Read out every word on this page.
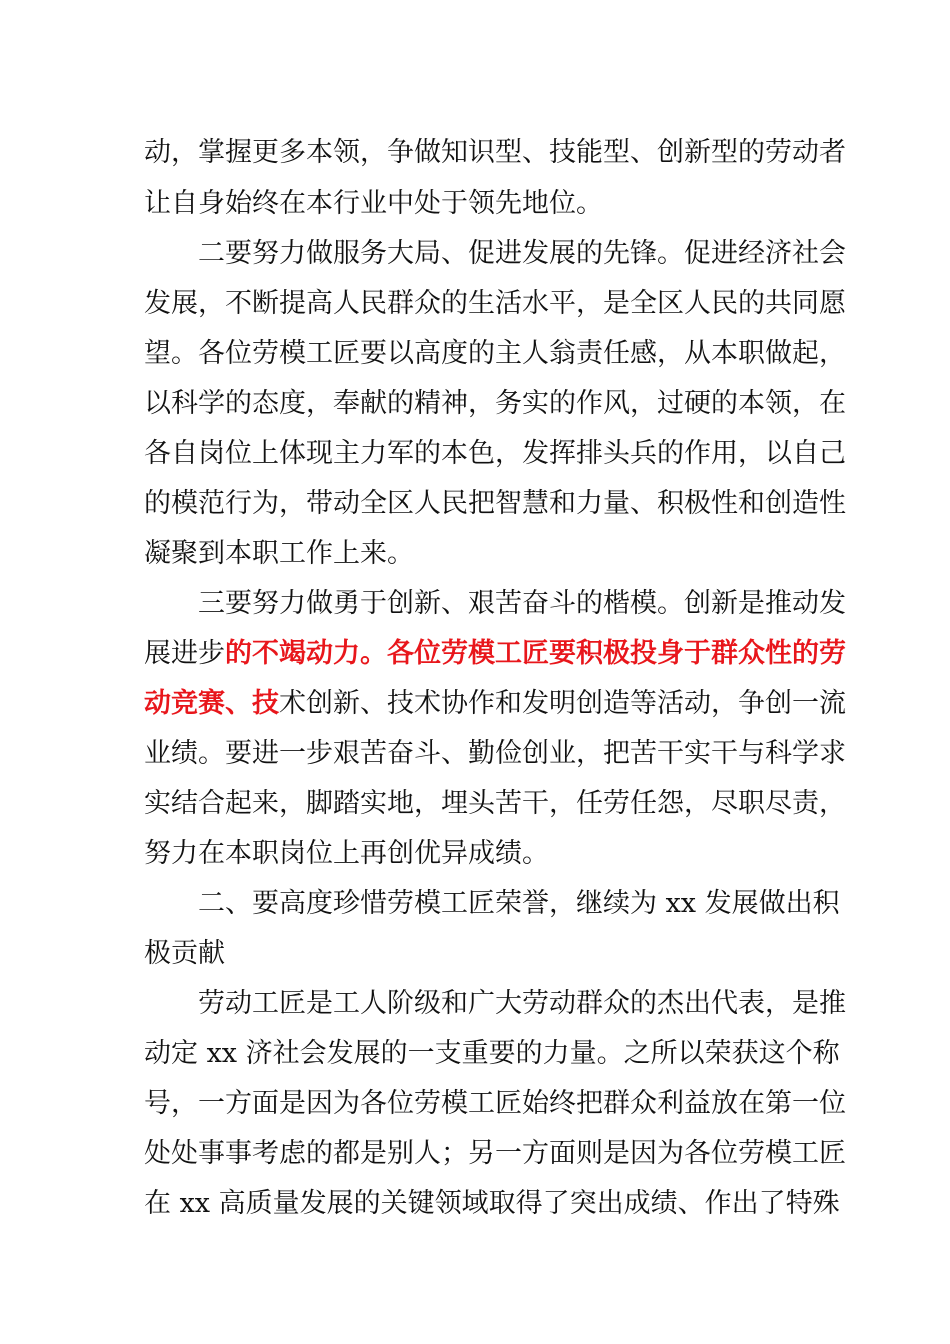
动，掌握更多本领，争做知识型、技能型、创新型的劳动者
让自身始终在本行业中处于领先地位。
二要努力做服务大局、促进发展的先锋。促进经济社会
发展，不断提高人民群众的生活水平，是全区人民的共同愿
望。各位劳模工匠要以高度的主人翁责任感，从本职做起，
以科学的态度，奉献的精神，务实的作风，过硬的本领，在
各自岗位上体现主力军的本色，发挥排头兵的作用，以自己
的模范行为，带动全区人民把智慧和力量、积极性和创造性
凝聚到本职工作上来。
三要努力做勇于创新、艰苦奋斗的楷模。创新是推动发
展进步的不竭动力。各位劳模工匠要积极投身于群众性的劳
动竞赛、技术创新、技术协作和发明创造等活动，争创一流
业绩。要进一步艰苦奋斗、勤俭创业，把苦干实干与科学求
实结合起来，脚踏实地，埋头苦干，任劳任怨，尽职尽责，
努力在本职岗位上再创优异成绩。
二、要高度珍惜劳模工匠荣誉，继续为 xx 发展做出积
极贡献
劳动工匠是工人阶级和广大劳动群众的杰出代表，是推
动定 xx 济社会发展的一支重要的力量。之所以荣获这个称
号，一方面是因为各位劳模工匠始终把群众利益放在第一位
处处事事考虑的都是别人；另一方面则是因为各位劳模工匠
在 xx 高质量发展的关键领域取得了突出成绩、作出了特殊
